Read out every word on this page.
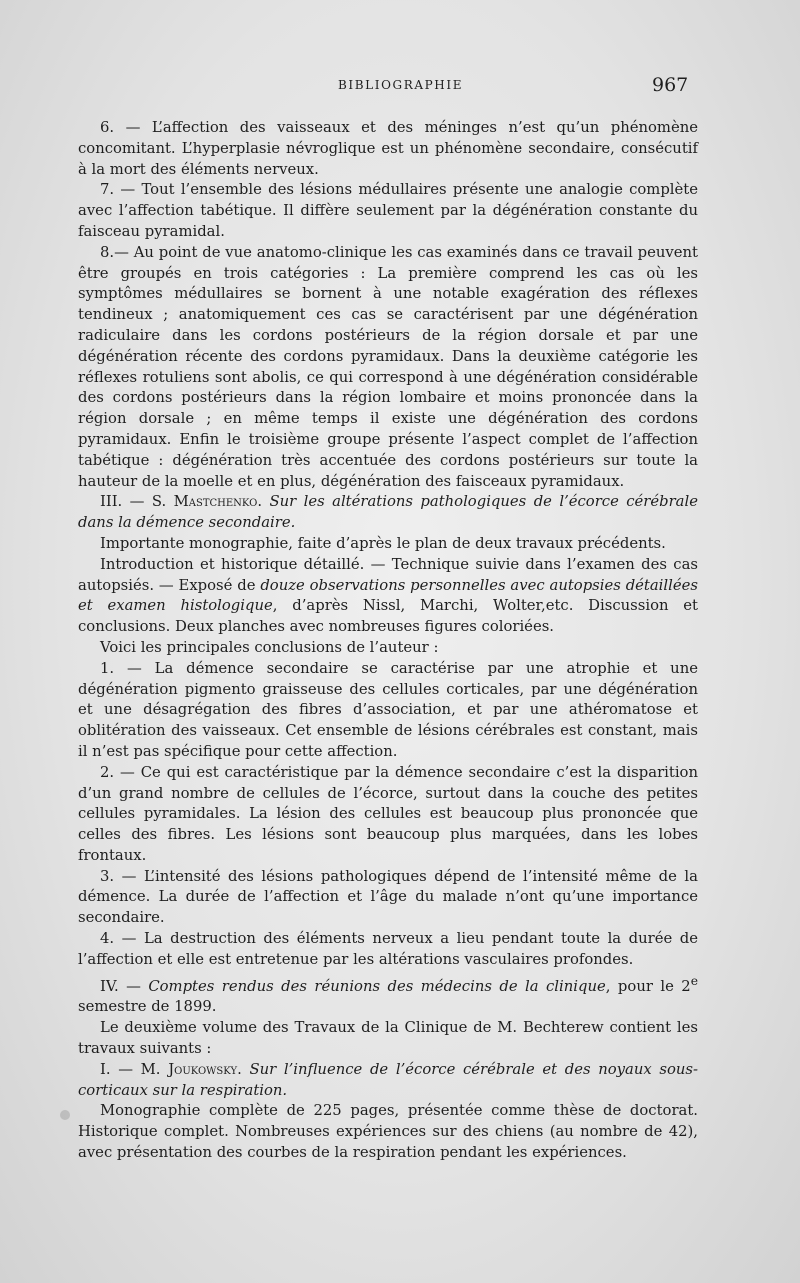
BIBLIOGRAPHIE	967

6. — L’affection des vaisseaux et des méninges n’est qu’un phénomène concomitant. L’hyperplasie névroglique est un phénomène secondaire, consécutif à la mort des éléments nerveux.

7. — Tout l’ensemble des lésions médullaires présente une analogie complète avec l’affection tabétique. Il diffère seulement par la dégénération constante du faisceau pyramidal.

8.— Au point de vue anatomo-clinique les cas examinés dans ce travail peuvent être groupés en trois catégories : La première comprend les cas où les symptômes médullaires se bornent à une notable exagération des réflexes tendineux ; anatomiquement ces cas se caractérisent par une dégénération radiculaire dans les cordons postérieurs de la région dorsale et par une dégénération récente des cordons pyramidaux. Dans la deuxième catégorie les réflexes rotuliens sont abolis, ce qui correspond à une dégénération considérable des cordons postérieurs dans la région lombaire et moins prononcée dans la région dorsale ; en même temps il existe une dégénération des cordons pyramidaux. Enfin le troisième groupe présente l’aspect complet de l’affection tabétique : dégénération très accentuée des cordons postérieurs sur toute la hauteur de la moelle et en plus, dégénération des faisceaux pyramidaux.

III. — S. Mastchenko. Sur les altérations pathologiques de l’écorce cérébrale dans la démence secondaire.

Importante monographie, faite d’après le plan de deux travaux précédents.

Introduction et historique détaillé. — Technique suivie dans l’examen des cas autopsiés. — Exposé de douze observations personnelles avec autopsies détaillées et examen histologique, d’après Nissl, Marchi, Wolter,etc. Discussion et conclusions. Deux planches avec nombreuses figures coloriées.

Voici les principales conclusions de l’auteur :

1. — La démence secondaire se caractérise par une atrophie et une dégénération pigmento graisseuse des cellules corticales, par une dégénération et une désagrégation des fibres d’association, et par une athéromatose et oblitération des vaisseaux. Cet ensemble de lésions cérébrales est constant, mais il n’est pas spécifique pour cette affection.

2. — Ce qui est caractéristique par la démence secondaire c’est la disparition d’un grand nombre de cellules de l’écorce, surtout dans la couche des petites cellules pyramidales. La lésion des cellules est beaucoup plus prononcée que celles des fibres. Les lésions sont beaucoup plus marquées, dans les lobes frontaux.

3. — L’intensité des lésions pathologiques dépend de l’intensité même de la démence. La durée de l’affection et l’âge du malade n’ont qu’une importance secondaire.

4. — La destruction des éléments nerveux a lieu pendant toute la durée de l’affection et elle est entretenue par les altérations vasculaires profondes.

IV. — Comptes rendus des réunions des médecins de la clinique, pour le 2e semestre de 1899.

Le deuxième volume des Travaux de la Clinique de M. Bechterew contient les travaux suivants :

I. — M. Joukowsky. Sur l’influence de l’écorce cérébrale et des noyaux sous-corticaux sur la respiration.

Monographie complète de 225 pages, présentée comme thèse de doctorat. Historique complet. Nombreuses expériences sur des chiens (au nombre de 42), avec présentation des courbes de la respiration pendant les expériences.
